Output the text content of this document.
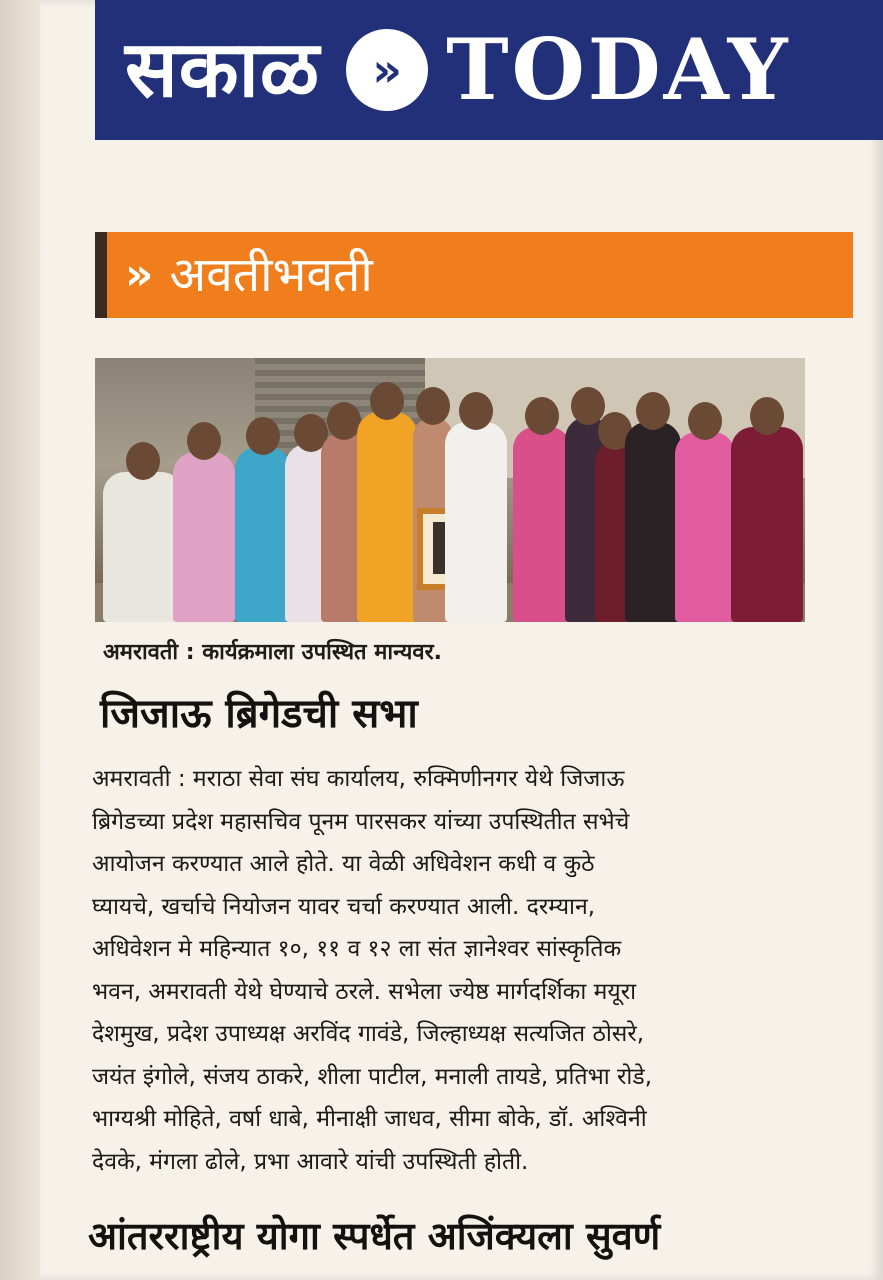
सकाळ	» TODAY
» अवतीभवती
अमरावती : कार्यक्रमाला उपस्थित मान्यवर.
जिजाऊ ब्रिगेडची सभा
अमरावती : मराठा सेवा संघ कार्यालय, रुक्मिणीनगर येथे जिजाऊ
ब्रिगेडच्या प्रदेश महासचिव पूनम पारसकर यांच्या उपस्थितीत सभेचे
आयोजन करण्यात आले होते. या वेळी अधिवेशन कधी व कुठे
घ्यायचे, खर्चाचे नियोजन यावर चर्चा करण्यात आली. दरम्यान,
अधिवेशन मे महिन्यात १०, ११ व १२ ला संत ज्ञानेश्वर सांस्कृतिक
भवन, अमरावती येथे घेण्याचे ठरले. सभेला ज्येष्ठ मार्गदर्शिका मयूरा
देशमुख, प्रदेश उपाध्यक्ष अरविंद गावंडे, जिल्हाध्यक्ष सत्यजित ठोसरे,
जयंत इंगोले, संजय ठाकरे, शीला पाटील, मनाली तायडे, प्रतिभा रोडे,
भाग्यश्री मोहिते, वर्षा धाबे, मीनाक्षी जाधव, सीमा बोके, डॉ. अश्विनी
देवके, मंगला ढोले, प्रभा आवारे यांची उपस्थिती होती.
आंतरराष्ट्रीय योगा स्पर्धेत अजिंक्यला सुवर्ण
